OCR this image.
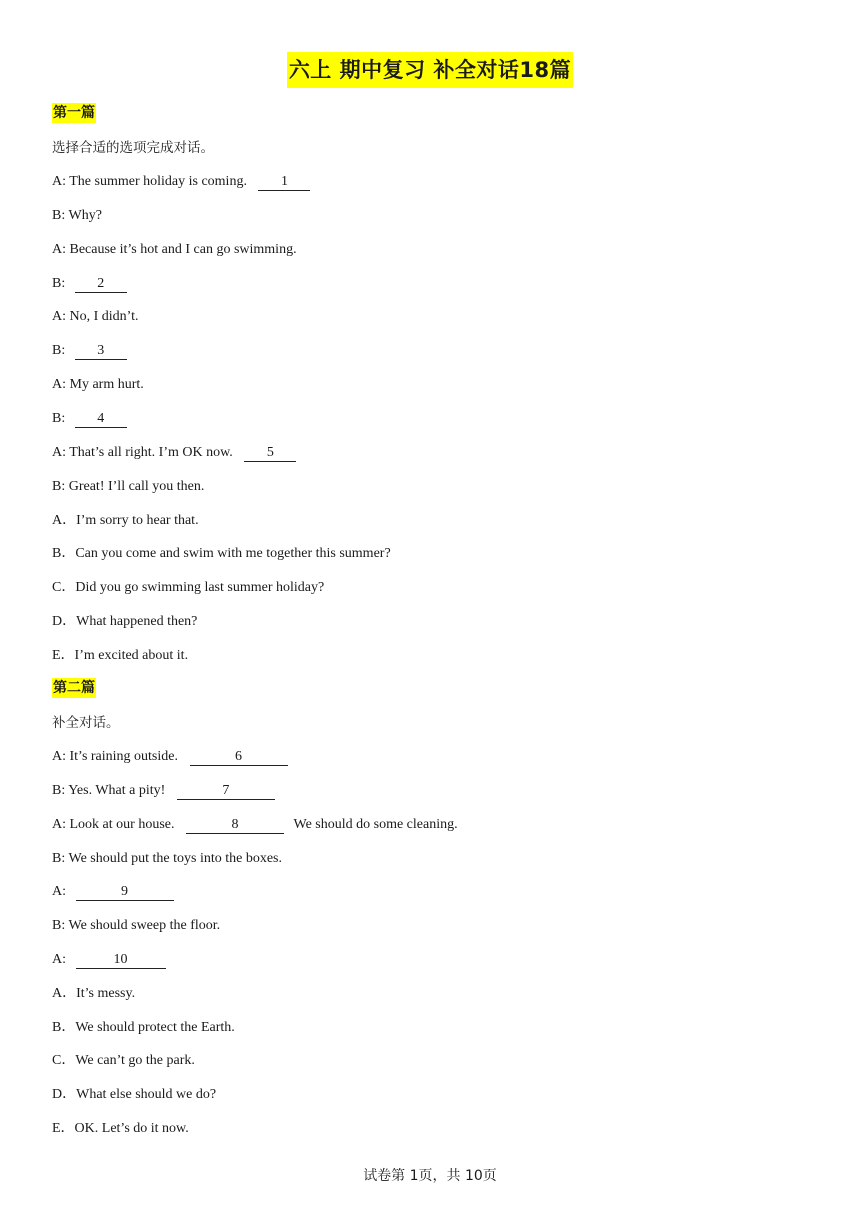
六上 期中复习 补全对话18篇
第一篇
选择合适的选项完成对话。
A: The summer holiday is coming. 1
B: Why?
A: Because it’s hot and I can go swimming.
B: 2
A: No, I didn’t.
B: 3
A: My arm hurt.
B: 4
A: That’s all right. I’m OK now. 5
B: Great! I’ll call you then.
A．I’m sorry to hear that.
B．Can you come and swim with me together this summer?
C．Did you go swimming last summer holiday?
D．What happened then?
E．I’m excited about it.
第二篇
补全对话。
A: It’s raining outside.	6
B: Yes. What a pity!	7
A: Look at our house.	8	We should do some cleaning.
B: We should put the toys into the boxes.
A:	9
B: We should sweep the floor.
A:	10
A．It’s messy.
B．We should protect the Earth.
C．We can’t go the park.
D．What else should we do?
E．OK. Let’s do it now.
试卷第 1页，共 10页
